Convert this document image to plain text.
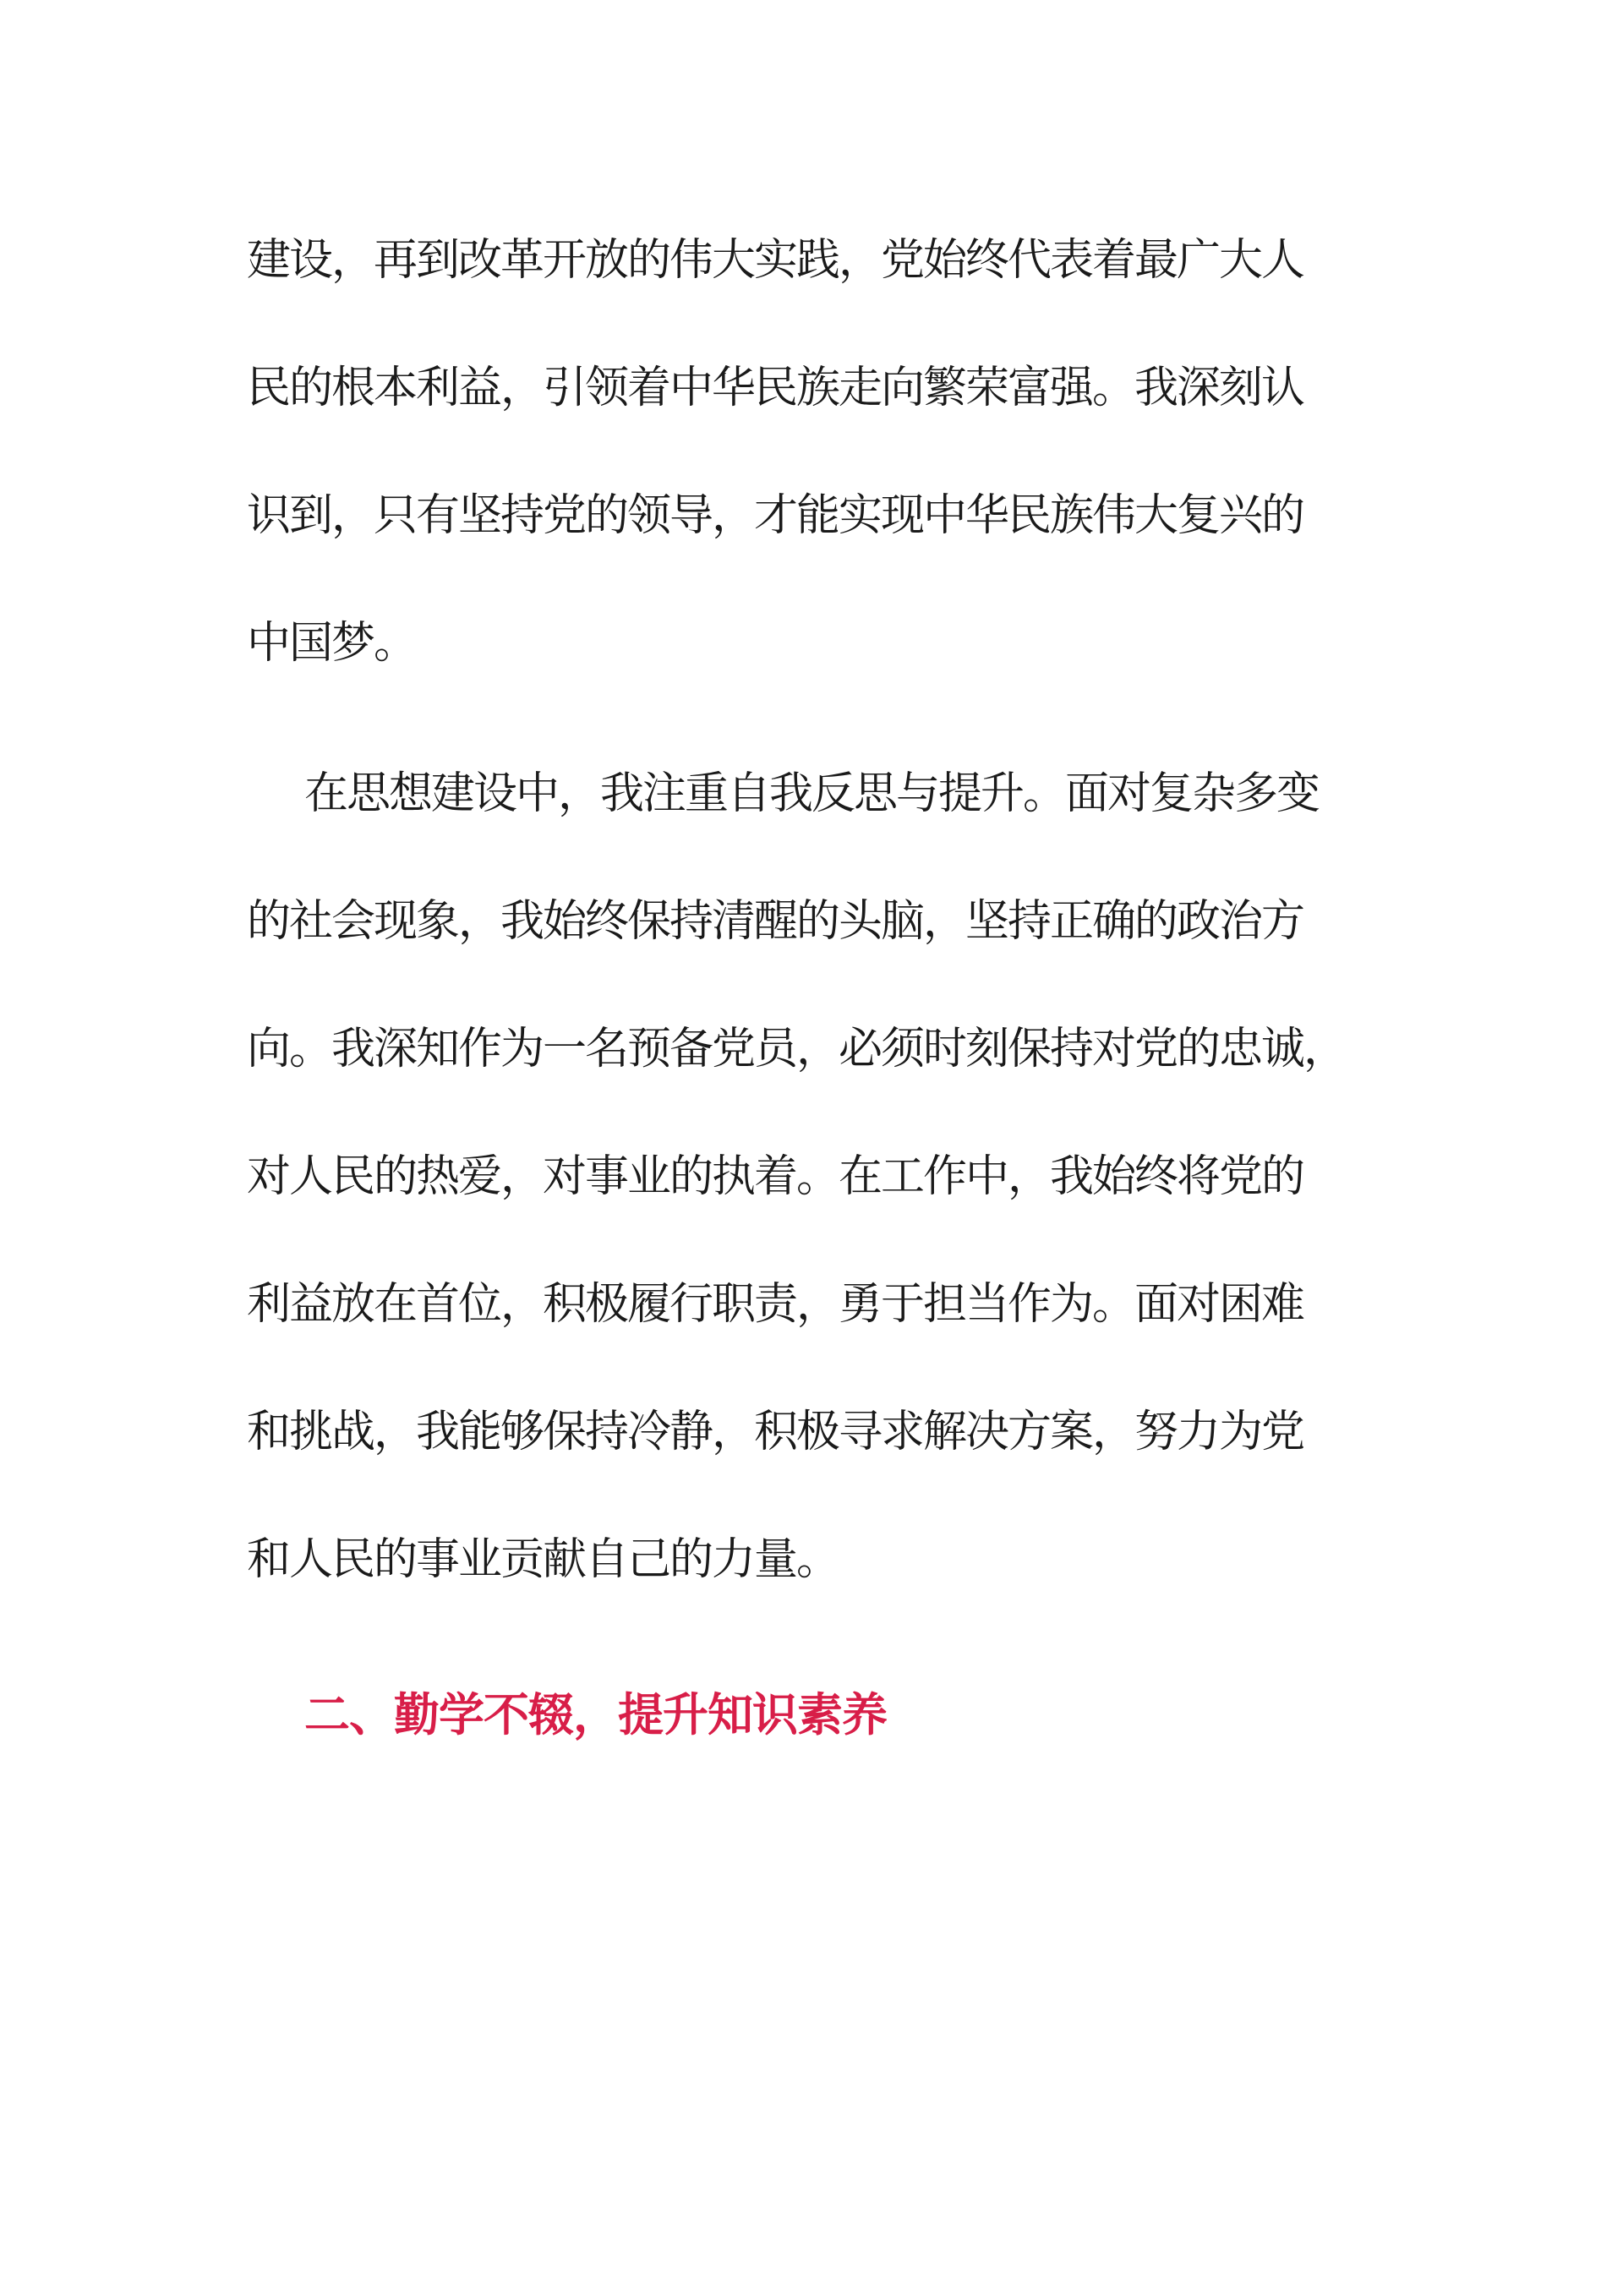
建设，再到改革开放的伟大实践，党始终代表着最广大人
民的根本利益，引领着中华民族走向繁荣富强。我深刻认
识到，只有坚持党的领导，才能实现中华民族伟大复兴的
中国梦。
在思想建设中，我注重自我反思与提升。面对复杂多变
的社会现象，我始终保持清醒的头脑，坚持正确的政治方
向。我深知作为一名预备党员，必须时刻保持对党的忠诚，
对人民的热爱，对事业的执着。在工作中，我始终将党的
利益放在首位，积极履行职责，勇于担当作为。面对困难
和挑战，我能够保持冷静，积极寻求解决方案，努力为党
和人民的事业贡献自己的力量。
二、勤学不辍，提升知识素养
